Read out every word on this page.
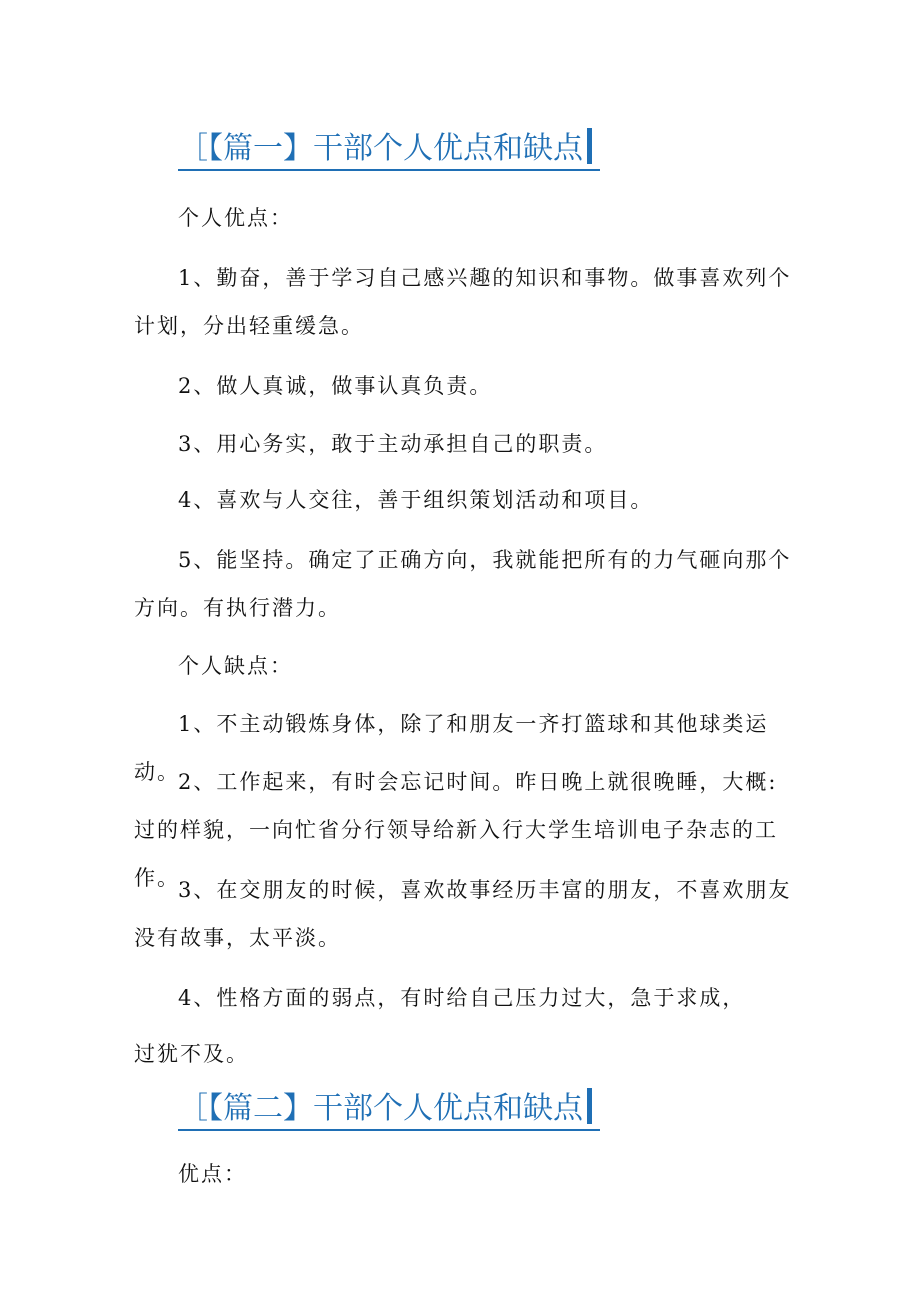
［【篇一】干部个人优点和缺点
个人优点：

1、勤奋，善于学习自己感兴趣的知识和事物。做事喜欢列个计划，分出轻重缓急。

2、做人真诚，做事认真负责。

3、用心务实，敢于主动承担自己的职责。

4、喜欢与人交往，善于组织策划活动和项目。

5、能坚持。确定了正确方向，我就能把所有的力气砸向那个方向。有执行潜力。

个人缺点：

1、不主动锻炼身体，除了和朋友一齐打篮球和其他球类运动。

2、工作起来，有时会忘记时间。昨日晚上就很晚睡，大概:过的样貌，一向忙省分行领导给新入行大学生培训电子杂志的工作。

3、在交朋友的时候，喜欢故事经历丰富的朋友，不喜欢朋友没有故事，太平淡。

4、性格方面的弱点，有时给自己压力过大，急于求成，
过犹不及。
［【篇二】干部个人优点和缺点
优点：
